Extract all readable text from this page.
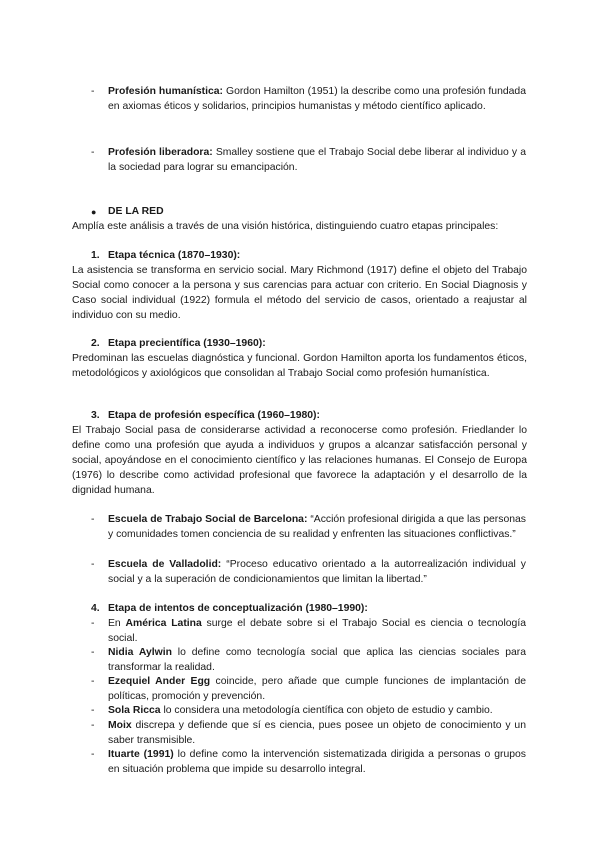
-	Profesión humanística: Gordon Hamilton (1951) la describe como una profesión fundada en axiomas éticos y solidarios, principios humanistas y método científico aplicado.
-	Profesión liberadora: Smalley sostiene que el Trabajo Social debe liberar al individuo y a la sociedad para lograr su emancipación.
● DE LA RED
Amplía este análisis a través de una visión histórica, distinguiendo cuatro etapas principales:
1. Etapa técnica (1870–1930):
La asistencia se transforma en servicio social. Mary Richmond (1917) define el objeto del Trabajo Social como conocer a la persona y sus carencias para actuar con criterio. En Social Diagnosis y Caso social individual (1922) formula el método del servicio de casos, orientado a reajustar al individuo con su medio.
2. Etapa precientífica (1930–1960):
Predominan las escuelas diagnóstica y funcional. Gordon Hamilton aporta los fundamentos éticos, metodológicos y axiológicos que consolidan al Trabajo Social como profesión humanística.
3. Etapa de profesión específica (1960–1980):
El Trabajo Social pasa de considerarse actividad a reconocerse como profesión. Friedlander lo define como una profesión que ayuda a individuos y grupos a alcanzar satisfacción personal y social, apoyándose en el conocimiento científico y las relaciones humanas. El Consejo de Europa (1976) lo describe como actividad profesional que favorece la adaptación y el desarrollo de la dignidad humana.
-	Escuela de Trabajo Social de Barcelona: “Acción profesional dirigida a que las personas y comunidades tomen conciencia de su realidad y enfrenten las situaciones conflictivas.”
-	Escuela de Valladolid: “Proceso educativo orientado a la autorrealización individual y social y a la superación de condicionamientos que limitan la libertad.”
4. Etapa de intentos de conceptualización (1980–1990):
-	En América Latina surge el debate sobre si el Trabajo Social es ciencia o tecnología social.
-	Nidia Aylwin lo define como tecnología social que aplica las ciencias sociales para transformar la realidad.
-	Ezequiel Ander Egg coincide, pero añade que cumple funciones de implantación de políticas, promoción y prevención.
-	Sola Ricca lo considera una metodología científica con objeto de estudio y cambio.
-	Moix discrepa y defiende que sí es ciencia, pues posee un objeto de conocimiento y un saber transmisible.
-	Ituarte (1991) lo define como la intervención sistematizada dirigida a personas o grupos en situación problema que impide su desarrollo integral.
